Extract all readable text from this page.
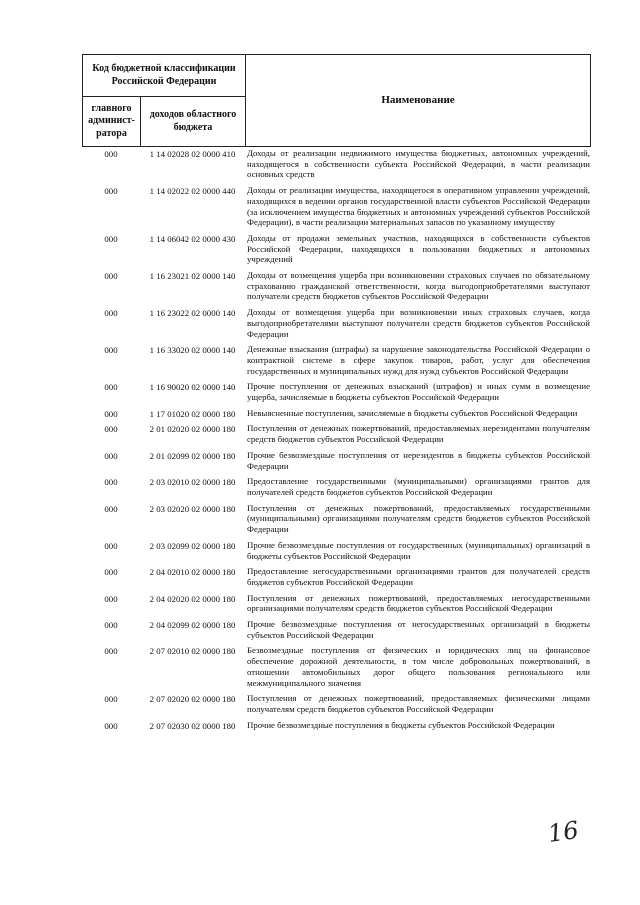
Код бюджетной классификации Российской Федерации		Наименование
главного админист-ратора	доходов областного бюджета	
000	1 14 02028 02 0000 410	Доходы от реализации недвижимого имущества бюджетных, автономных учреждений, находящегося в собственности субъекта Российской Федерации, в части реализации основных средств
000	1 14 02022 02 0000 440	Доходы от реализации имущества, находящегося в оперативном управлении учреждений, находящихся в ведении органов государственной власти субъектов Российской Федерации (за исключением имущества бюджетных и автономных учреждений субъектов Российской Федерации), в части реализации материальных запасов по указанному имуществу
000	1 14 06042 02 0000 430	Доходы от продажи земельных участков, находящихся в собственности субъектов Российской Федерации, находящихся в пользовании бюджетных и автономных учреждений
000	1 16 23021 02 0000 140	Доходы от возмещения ущерба при возникновении страховых случаев по обязательному страхованию гражданской ответственности, когда выгодоприобретателями выступают получатели средств бюджетов субъектов Российской Федерации
000	1 16 23022 02 0000 140	Доходы от возмещения ущерба при возникновении иных страховых случаев, когда выгодоприобретателями выступают получатели средств бюджетов субъектов Российской Федерации
000	1 16 33020 02 0000 140	Денежные взыскания (штрафы) за нарушение законодательства Российской Федерации о контрактной системе в сфере закупок товаров, работ, услуг для обеспечения государственных и муниципальных нужд для нужд субъектов Российской Федерации
000	1 16 90020 02 0000 140	Прочие поступления от денежных взысканий (штрафов) и иных сумм в возмещение ущерба, зачисляемые в бюджеты субъектов Российской Федерации
000	1 17 01020 02 0000 180	Невыясненные поступления, зачисляемые в бюджеты субъектов Российской Федерации
000	2 01 02020 02 0000 180	Поступления от денежных пожертвований, предоставляемых нерезидентами получателям средств бюджетов субъектов Российской Федерации
000	2 01 02099 02 0000 180	Прочие безвозмездные поступления от нерезидентов в бюджеты субъектов Российской Федерации
000	2 03 02010 02 0000 180	Предоставление государственными (муниципальными) организациями грантов для получателей средств бюджетов субъектов Российской Федерации
000	2 03 02020 02 0000 180	Поступления от денежных пожертвований, предоставляемых государственными (муниципальными) организациями получателям средств бюджетов субъектов Российской Федерации
000	2 03 02099 02 0000 180	Прочие безвозмездные поступления от государственных (муниципальных) организаций в бюджеты субъектов Российской Федерации
000	2 04 02010 02 0000 180	Предоставление негосударственными организациями грантов для получателей средств бюджетов субъектов Российской Федерации
000	2 04 02020 02 0000 180	Поступления от денежных пожертвований, предоставляемых негосударственными организациями получателям средств бюджетов субъектов Российской Федерации
000	2 04 02099 02 0000 180	Прочие безвозмездные поступления от негосударственных организаций в бюджеты субъектов Российской Федерации
000	2 07 02010 02 0000 180	Безвозмездные поступления от физических и юридических лиц на финансовое обеспечение дорожной деятельности, в том числе добровольных пожертвований, в отношении автомобильных дорог общего пользования регионального или межмуниципального значения
000	2 07 02020 02 0000 180	Поступления от денежных пожертвований, предоставляемых физическими лицами получателям средств бюджетов субъектов Российской Федерации
000	2 07 02030 02 0000 180	Прочие безвозмездные поступления в бюджеты субъектов Российской Федерации
16
